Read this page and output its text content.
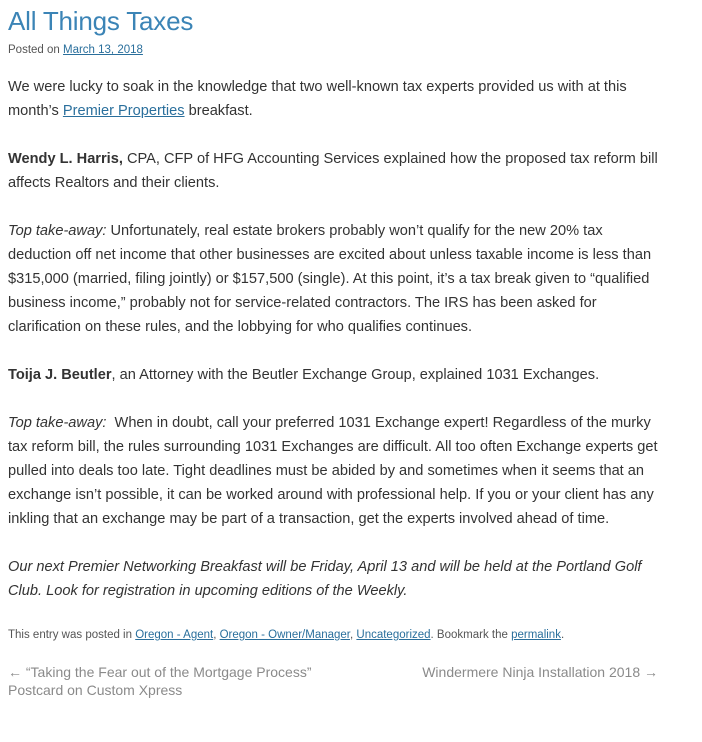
All Things Taxes
Posted on March 13, 2018

We were lucky to soak in the knowledge that two well-known tax experts provided us with at this month’s Premier Properties breakfast.

Wendy L. Harris, CPA, CFP of HFG Accounting Services explained how the proposed tax reform bill affects Realtors and their clients.

Top take-away: Unfortunately, real estate brokers probably won’t qualify for the new 20% tax deduction off net income that other businesses are excited about unless taxable income is less than $315,000 (married, filing jointly) or $157,500 (single). At this point, it’s a tax break given to “qualified business income,” probably not for service-related contractors. The IRS has been asked for clarification on these rules, and the lobbying for who qualifies continues.

Toija J. Beutler, an Attorney with the Beutler Exchange Group, explained 1031 Exchanges.

Top take-away:  When in doubt, call your preferred 1031 Exchange expert! Regardless of the murky tax reform bill, the rules surrounding 1031 Exchanges are difficult. All too often Exchange experts get pulled into deals too late. Tight deadlines must be abided by and sometimes when it seems that an exchange isn’t possible, it can be worked around with professional help. If you or your client has any inkling that an exchange may be part of a transaction, get the experts involved ahead of time.

Our next Premier Networking Breakfast will be Friday, April 13 and will be held at the Portland Golf Club. Look for registration in upcoming editions of the Weekly.

This entry was posted in Oregon - Agent, Oregon - Owner/Manager, Uncategorized. Bookmark the permalink.
← “Taking the Fear out of the Mortgage Process” Postcard on Custom Xpress
Windermere Ninja Installation 2018 →
